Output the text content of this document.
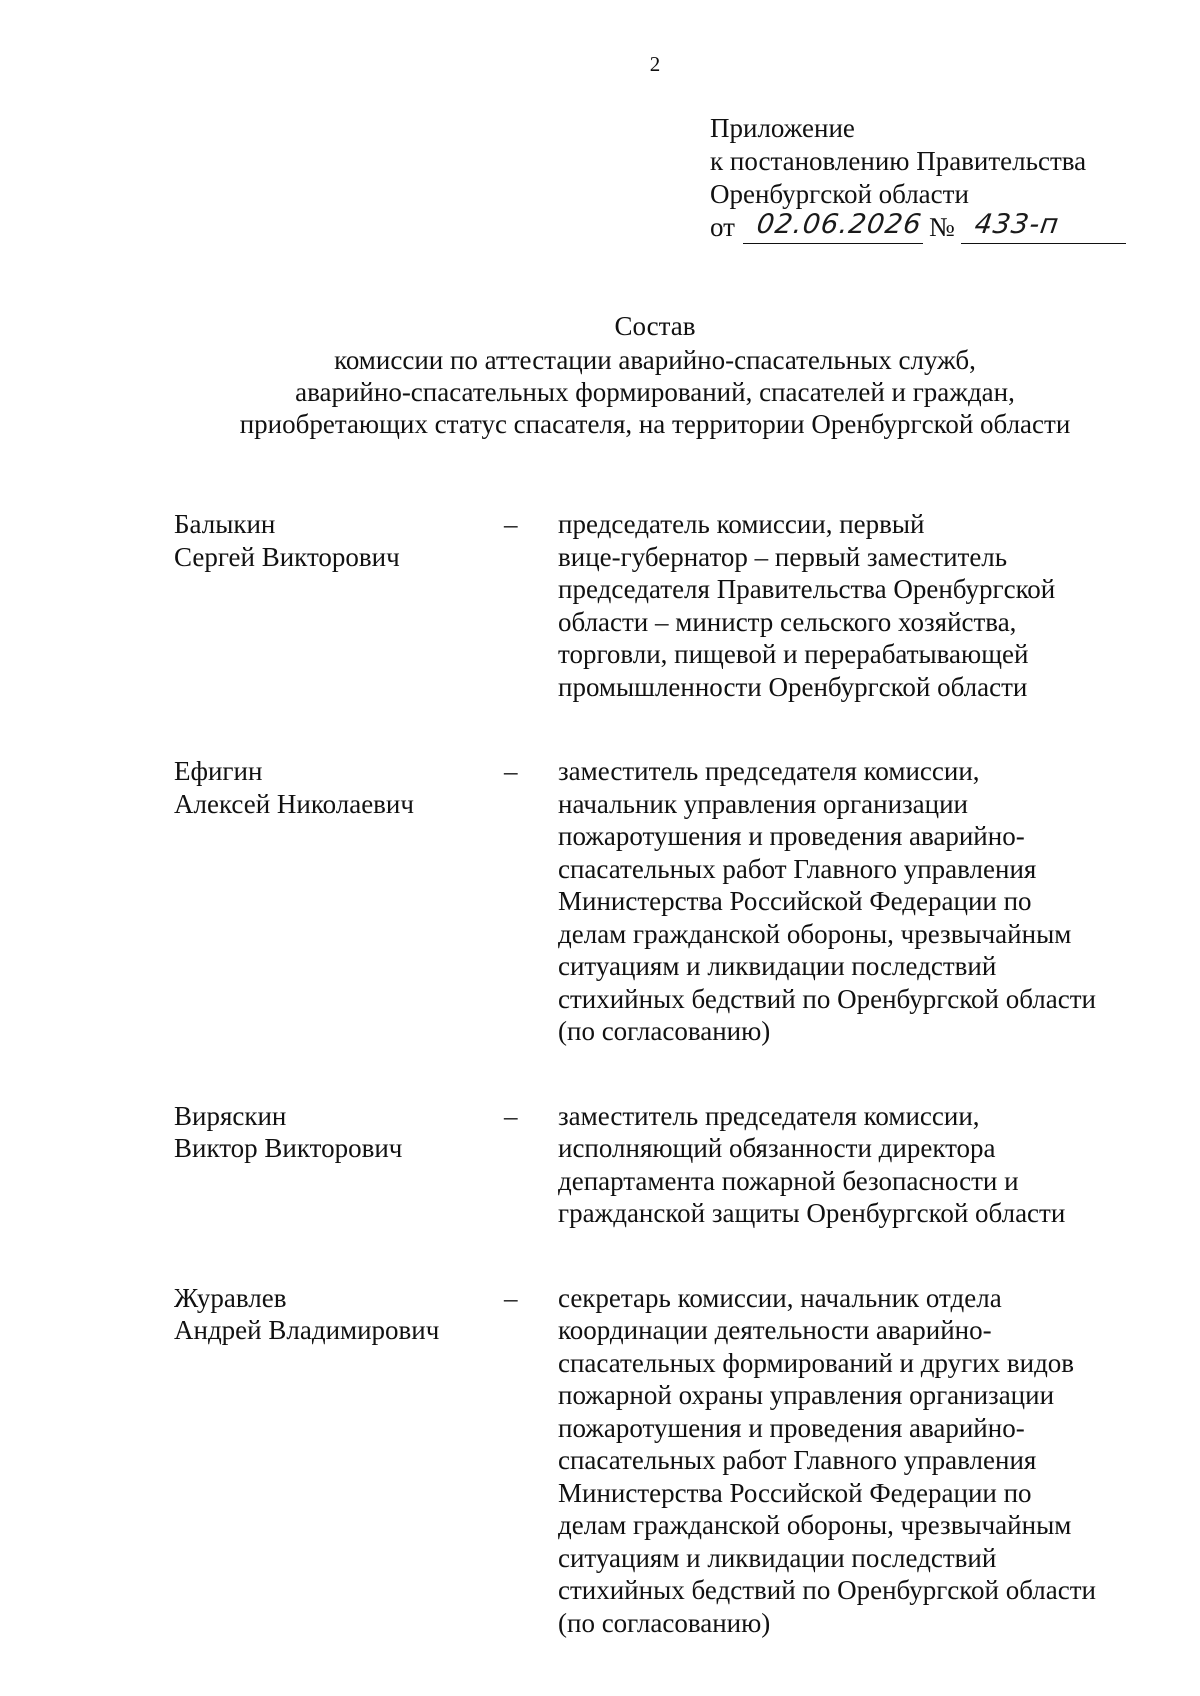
2
Приложение
к постановлению Правительства
Оренбургской области
от 02.06.2026 № 433-п
Состав
комиссии по аттестации аварийно-спасательных служб,
аварийно-спасательных формирований, спасателей и граждан,
приобретающих статус спасателя, на территории Оренбургской области
Балыкин
Сергей Викторович
–	председатель комиссии, первый
вице-губернатор – первый заместитель
председателя Правительства Оренбургской
области – министр сельского хозяйства,
торговли, пищевой и перерабатывающей
промышленности Оренбургской области
Ефигин
Алексей Николаевич
–	заместитель председателя комиссии,
начальник управления организации
пожаротушения и проведения аварийно-
спасательных работ Главного управления
Министерства Российской Федерации по
делам гражданской обороны, чрезвычайным
ситуациям и ликвидации последствий
стихийных бедствий по Оренбургской области
(по согласованию)
Виряскин
Виктор Викторович
–	заместитель председателя комиссии,
исполняющий обязанности директора
департамента пожарной безопасности и
гражданской защиты Оренбургской области
Журавлев
Андрей Владимирович
–	секретарь комиссии, начальник отдела
координации деятельности аварийно-
спасательных формирований и других видов
пожарной охраны управления организации
пожаротушения и проведения аварийно-
спасательных работ Главного управления
Министерства Российской Федерации по
делам гражданской обороны, чрезвычайным
ситуациям и ликвидации последствий
стихийных бедствий по Оренбургской области
(по согласованию)
